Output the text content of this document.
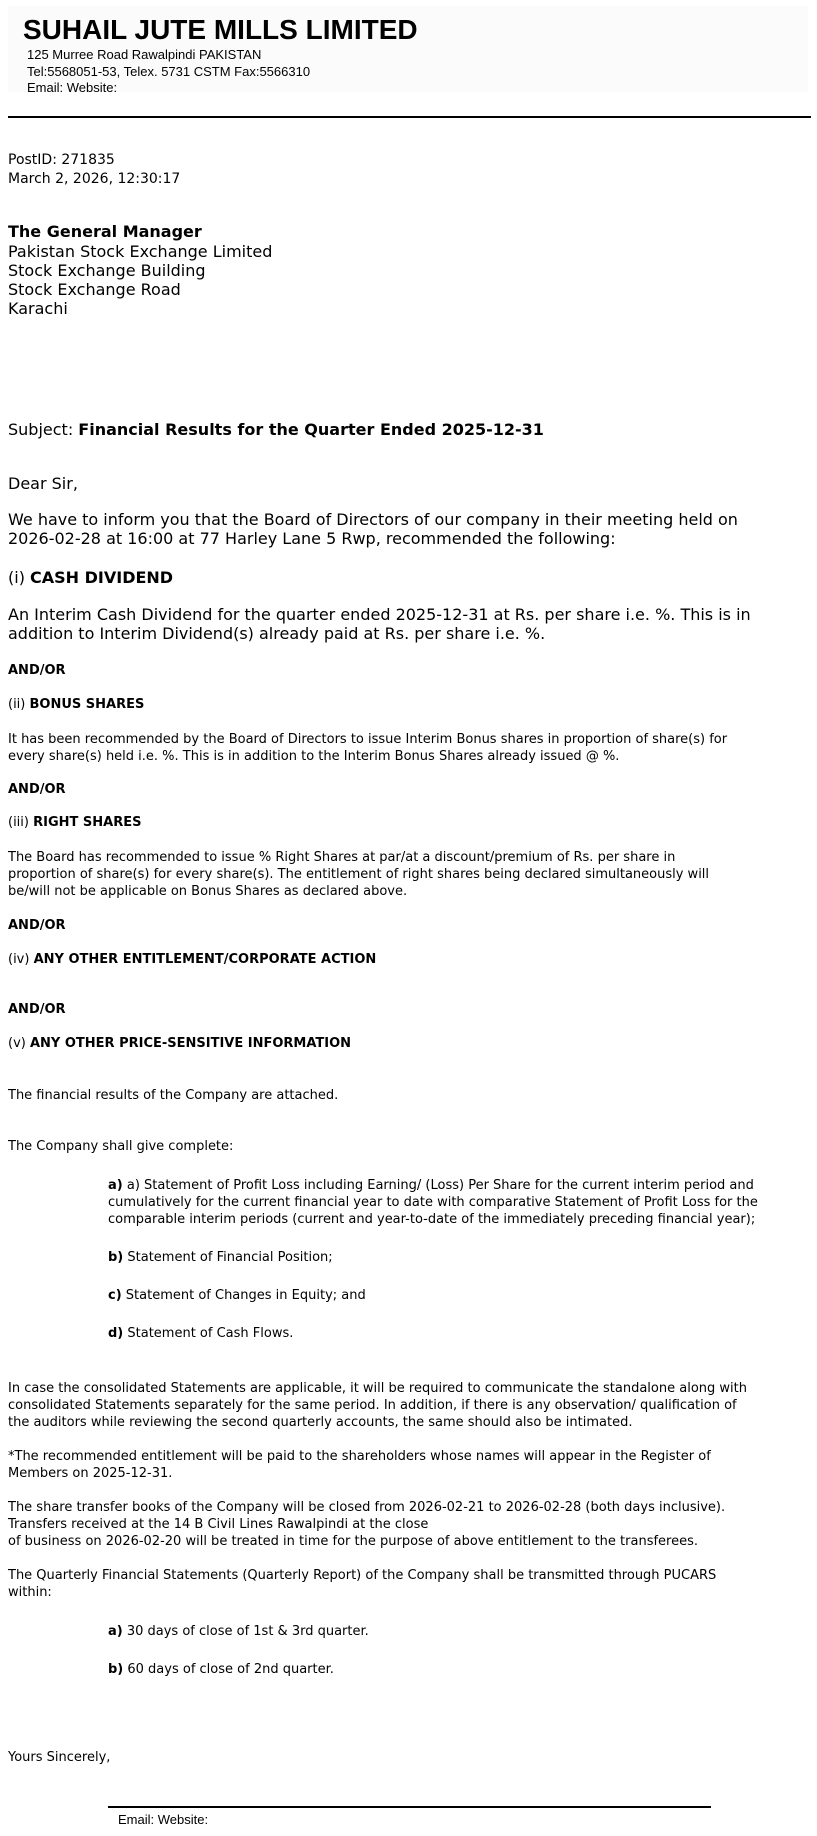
SUHAIL JUTE MILLS LIMITED
125 Murree Road Rawalpindi PAKISTAN
Tel:5568051-53, Telex. 5731 CSTM Fax:5566310
Email: Website:
PostID: 271835
March 2, 2026, 12:30:17
The General Manager
Pakistan Stock Exchange Limited
Stock Exchange Building
Stock Exchange Road
Karachi
Subject: Financial Results for the Quarter Ended 2025-12-31
Dear Sir,
We have to inform you that the Board of Directors of our company in their meeting held on
2026-02-28 at 16:00 at 77 Harley Lane 5 Rwp, recommended the following:
(i) CASH DIVIDEND
An Interim Cash Dividend for the quarter ended 2025-12-31 at Rs. per share i.e. %. This is in
addition to Interim Dividend(s) already paid at Rs. per share i.e. %.
AND/OR
(ii) BONUS SHARES
It has been recommended by the Board of Directors to issue Interim Bonus shares in proportion of share(s) for
every share(s) held i.e. %. This is in addition to the Interim Bonus Shares already issued @ %.
AND/OR
(iii) RIGHT SHARES
The Board has recommended to issue % Right Shares at par/at a discount/premium of Rs. per share in
proportion of share(s) for every share(s). The entitlement of right shares being declared simultaneously will
be/will not be applicable on Bonus Shares as declared above.
AND/OR
(iv) ANY OTHER ENTITLEMENT/CORPORATE ACTION
AND/OR
(v) ANY OTHER PRICE-SENSITIVE INFORMATION
The financial results of the Company are attached.
The Company shall give complete:
a) a) Statement of Profit Loss including Earning/ (Loss) Per Share for the current interim period and
cumulatively for the current financial year to date with comparative Statement of Profit Loss for the
comparable interim periods (current and year-to-date of the immediately preceding financial year);
b) Statement of Financial Position;
c) Statement of Changes in Equity; and
d) Statement of Cash Flows.
In case the consolidated Statements are applicable, it will be required to communicate the standalone along with
consolidated Statements separately for the same period. In addition, if there is any observation/ qualification of
the auditors while reviewing the second quarterly accounts, the same should also be intimated.
*The recommended entitlement will be paid to the shareholders whose names will appear in the Register of
Members on 2025-12-31.
The share transfer books of the Company will be closed from 2026-02-21 to 2026-02-28 (both days inclusive).
Transfers received at the 14 B Civil Lines Rawalpindi at the close
of business on 2026-02-20 will be treated in time for the purpose of above entitlement to the transferees.
The Quarterly Financial Statements (Quarterly Report) of the Company shall be transmitted through PUCARS
within:
a) 30 days of close of 1st & 3rd quarter.
b) 60 days of close of 2nd quarter.
Yours Sincerely,
Email: Website:
